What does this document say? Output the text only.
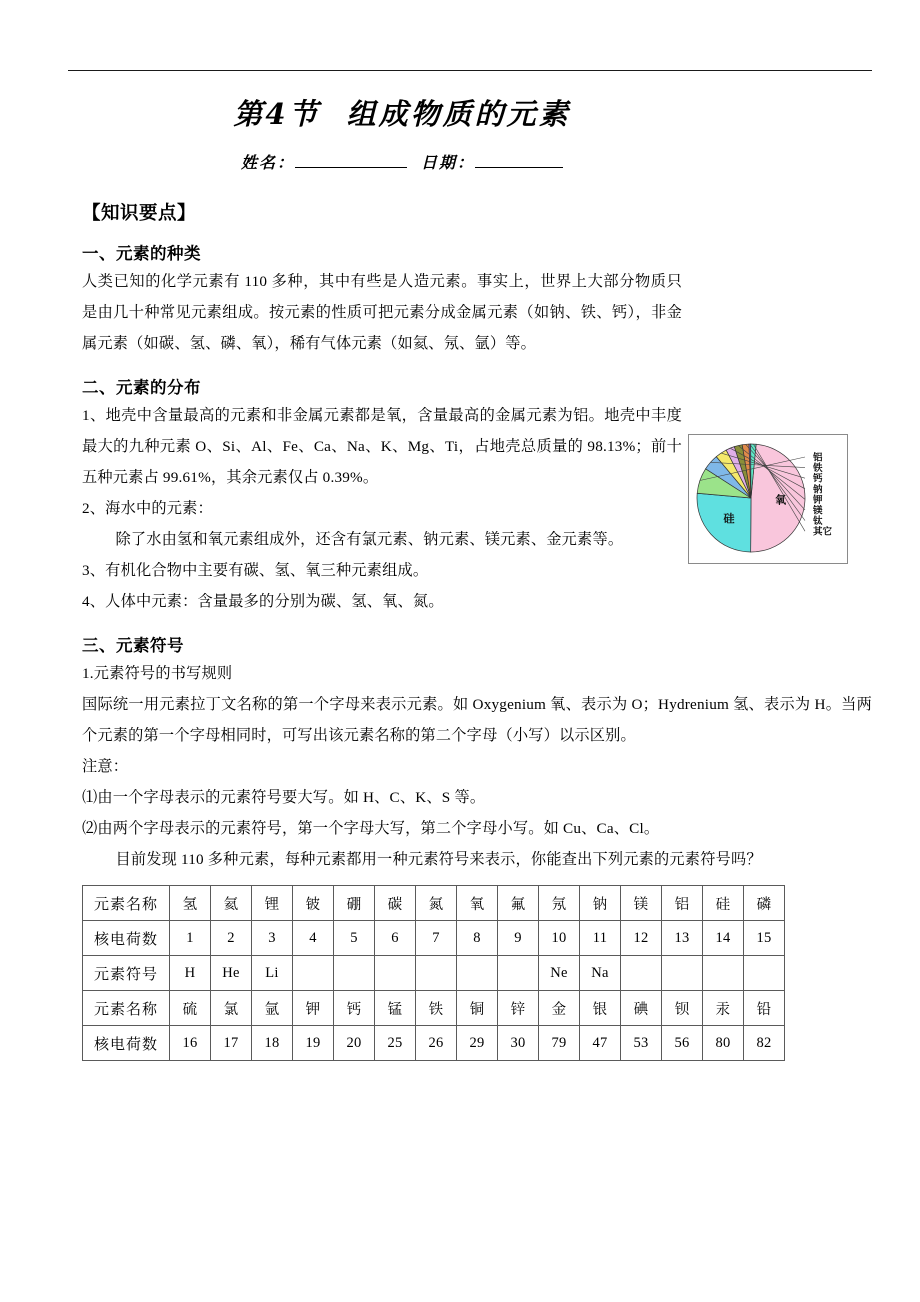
第4节 组成物质的元素
姓名：	日期：
【知识要点】
一、元素的种类

人类已知的化学元素有 110 多种，其中有些是人造元素。事实上，世界上大部分物质只是由几十种常见元素组成。按元素的性质可把元素分成金属元素（如钠、铁、钙），非金属元素（如碳、氢、磷、氧），稀有气体元素（如氦、氖、氩）等。

二、元素的分布

1、地壳中含量最高的元素和非金属元素都是氧，含量最高的金属元素为铝。地壳中丰度最大的九种元素 O、Si、Al、Fe、Ca、Na、K、Mg、Ti，占地壳总质量的 98.13%；前十五种元素占 99.61%，其余元素仅占 0.39%。

2、海水中的元素：

除了水由氢和氧元素组成外，还含有氯元素、钠元素、镁元素、金元素等。

3、有机化合物中主要有碳、氢、氧三种元素组成。

4、人体中元素：含量最多的分别为碳、氢、氧、氮。

三、元素符号

1.元素符号的书写规则

国际统一用元素拉丁文名称的第一个字母来表示元素。如 Oxygenium 氧、表示为 O；Hydrenium 氢、表示为 H。当两个元素的第一个字母相同时，可写出该元素名称的第二个字母（小写）以示区别。

注意：

⑴由一个字母表示的元素符号要大写。如 H、C、K、S 等。

⑵由两个字母表示的元素符号，第一个字母大写，第二个字母小写。如 Cu、Ca、Cl。

目前发现 110 多种元素，每种元素都用一种元素符号来表示，你能查出下列元素的元素符号吗？

元素名称	氢	氦	锂	铍	硼	碳	氮	氧	氟	氖	钠	镁	铝	硅	磷
核电荷数	1	2	3	4	5	6	7	8	9	10	11	12	13	14	15
元素符号	H	He	Li							Ne	Na				
元素名称	硫	氯	氩	钾	钙	锰	铁	铜	锌	金	银	碘	钡	汞	铅
核电荷数	16	17	18	19	20	25	26	29	30	79	47	53	56	80	82
氧
硅
铝
铁
钙
钠
钾
镁
钛
其它
